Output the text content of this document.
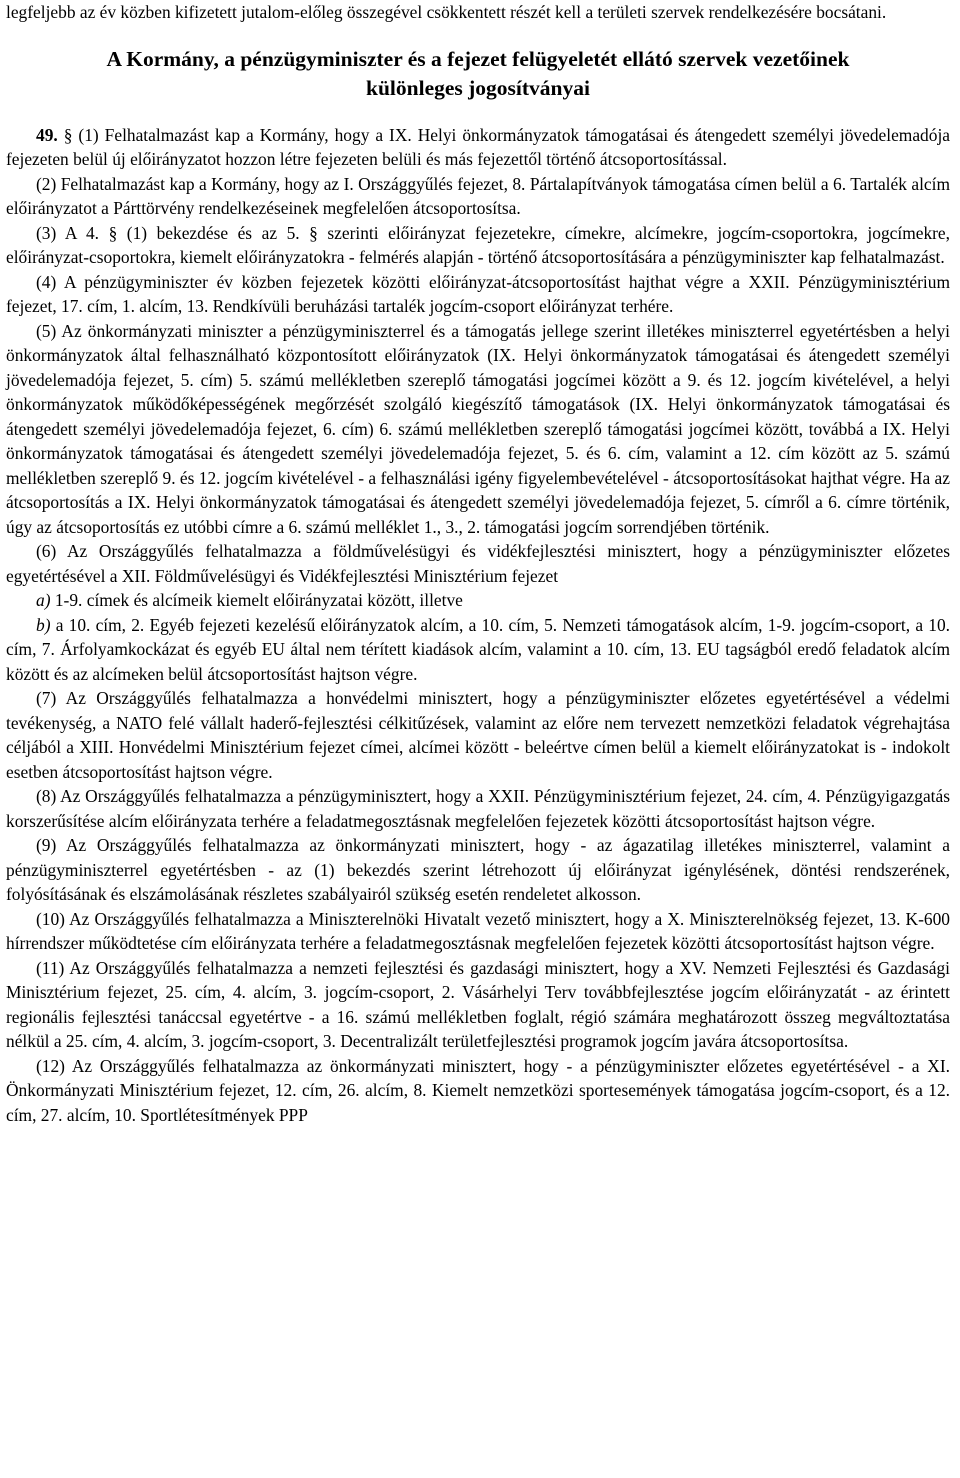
legfeljebb az év közben kifizetett jutalom-előleg összegével csökkentett részét kell a területi szervek rendelkezésére bocsátani.

A Kormány, a pénzügyminiszter és a fejezet felügyeletét ellátó szervek vezetőinek
különleges jogosítványai

49. § (1) Felhatalmazást kap a Kormány, hogy a IX. Helyi önkormányzatok támogatásai és átengedett személyi jövedelemadója fejezeten belül új előirányzatot hozzon létre fejezeten belüli és más fejezettől történő átcsoportosítással.

(2) Felhatalmazást kap a Kormány, hogy az I. Országgyűlés fejezet, 8. Pártalapítványok támogatása címen belül a 6. Tartalék alcím előirányzatot a Párttörvény rendelkezéseinek megfelelően átcsoportosítsa.

(3) A 4. § (1) bekezdése és az 5. § szerinti előirányzat fejezetekre, címekre, alcímekre, jogcím-csoportokra, jogcímekre, előirányzat-csoportokra, kiemelt előirányzatokra - felmérés alapján - történő átcsoportosítására a pénzügyminiszter kap felhatalmazást.

(4) A pénzügyminiszter év közben fejezetek közötti előirányzat-átcsoportosítást hajthat végre a XXII. Pénzügyminisztérium fejezet, 17. cím, 1. alcím, 13. Rendkívüli beruházási tartalék jogcím-csoport előirányzat terhére.

(5) Az önkormányzati miniszter a pénzügyminiszterrel és a támogatás jellege szerint illetékes miniszterrel egyetértésben a helyi önkormányzatok által felhasználható központosított előirányzatok (IX. Helyi önkormányzatok támogatásai és átengedett személyi jövedelemadója fejezet, 5. cím) 5. számú mellékletben szereplő támogatási jogcímei között a 9. és 12. jogcím kivételével, a helyi önkormányzatok működőképességének megőrzését szolgáló kiegészítő támogatások (IX. Helyi önkormányzatok támogatásai és átengedett személyi jövedelemadója fejezet, 6. cím) 6. számú mellékletben szereplő támogatási jogcímei között, továbbá a IX. Helyi önkormányzatok támogatásai és átengedett személyi jövedelemadója fejezet, 5. és 6. cím, valamint a 12. cím között az 5. számú mellékletben szereplő 9. és 12. jogcím kivételével - a felhasználási igény figyelembevételével - átcsoportosításokat hajthat végre. Ha az átcsoportosítás a IX. Helyi önkormányzatok támogatásai és átengedett személyi jövedelemadója fejezet, 5. címről a 6. címre történik, úgy az átcsoportosítás ez utóbbi címre a 6. számú melléklet 1., 3., 2. támogatási jogcím sorrendjében történik.

(6) Az Országgyűlés felhatalmazza a földművelésügyi és vidékfejlesztési minisztert, hogy a pénzügyminiszter előzetes egyetértésével a XII. Földművelésügyi és Vidékfejlesztési Minisztérium fejezet

a) 1-9. címek és alcímeik kiemelt előirányzatai között, illetve

b) a 10. cím, 2. Egyéb fejezeti kezelésű előirányzatok alcím, a 10. cím, 5. Nemzeti támogatások alcím, 1-9. jogcím-csoport, a 10. cím, 7. Árfolyamkockázat és egyéb EU által nem térített kiadások alcím, valamint a 10. cím, 13. EU tagságból eredő feladatok alcím között és az alcímeken belül átcsoportosítást hajtson végre.

(7) Az Országgyűlés felhatalmazza a honvédelmi minisztert, hogy a pénzügyminiszter előzetes egyetértésével a védelmi tevékenység, a NATO felé vállalt haderő-fejlesztési célkitűzések, valamint az előre nem tervezett nemzetközi feladatok végrehajtása céljából a XIII. Honvédelmi Minisztérium fejezet címei, alcímei között - beleértve címen belül a kiemelt előirányzatokat is - indokolt esetben átcsoportosítást hajtson végre.

(8) Az Országgyűlés felhatalmazza a pénzügyminisztert, hogy a XXII. Pénzügyminisztérium fejezet, 24. cím, 4. Pénzügyigazgatás korszerűsítése alcím előirányzata terhére a feladatmegosztásnak megfelelően fejezetek közötti átcsoportosítást hajtson végre.

(9) Az Országgyűlés felhatalmazza az önkormányzati minisztert, hogy - az ágazatilag illetékes miniszterrel, valamint a pénzügyminiszterrel egyetértésben - az (1) bekezdés szerint létrehozott új előirányzat igénylésének, döntési rendszerének, folyósításának és elszámolásának részletes szabályairól szükség esetén rendeletet alkosson.

(10) Az Országgyűlés felhatalmazza a Miniszterelnöki Hivatalt vezető minisztert, hogy a X. Miniszterelnökség fejezet, 13. K-600 hírrendszer működtetése cím előirányzata terhére a feladatmegosztásnak megfelelően fejezetek közötti átcsoportosítást hajtson végre.

(11) Az Országgyűlés felhatalmazza a nemzeti fejlesztési és gazdasági minisztert, hogy a XV. Nemzeti Fejlesztési és Gazdasági Minisztérium fejezet, 25. cím, 4. alcím, 3. jogcím-csoport, 2. Vásárhelyi Terv továbbfejlesztése jogcím előirányzatát - az érintett regionális fejlesztési tanáccsal egyetértve - a 16. számú mellékletben foglalt, régió számára meghatározott összeg megváltoztatása nélkül a 25. cím, 4. alcím, 3. jogcím-csoport, 3. Decentralizált területfejlesztési programok jogcím javára átcsoportosítsa.

(12) Az Országgyűlés felhatalmazza az önkormányzati minisztert, hogy - a pénzügyminiszter előzetes egyetértésével - a XI. Önkormányzati Minisztérium fejezet, 12. cím, 26. alcím, 8. Kiemelt nemzetközi sportesemények támogatása jogcím-csoport, és a 12. cím, 27. alcím, 10. Sportlétesítmények PPP
